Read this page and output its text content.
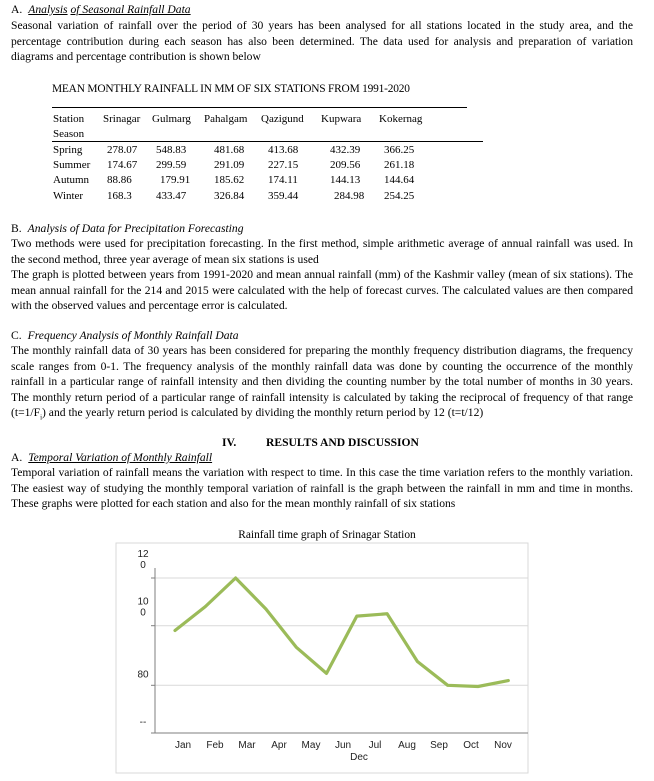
A. Analysis of Seasonal Rainfall Data

Seasonal variation of rainfall over the period of 30 years has been analysed for all stations located in the study area, and the percentage contribution during each season has also been determined. The data used for analysis and preparation of variation diagrams and percentage contribution is shown below

MEAN MONTHLY RAINFALL IN MM OF SIX STATIONS FROM 1991-2020
Station
Season
Srinagar Gulmarg Pahalgam Qazigund Kupwara Kokernag
Spring 278.07 548.83	481.68 413.68	432.39 366.25
Summer 174.67 299.59	291.09 227.15	209.56 261.18
Autumn 88.86	179.91 185.62 174.11	144.13 144.64
Winter 168.3 433.47	326.84 359.44	284.98 254.25
B. Analysis of Data for Precipitation Forecasting

Two methods were used for precipitation forecasting. In the first method, simple arithmetic average of annual rainfall was used. In the second method, three year average of mean six stations is used

The graph is plotted between years from 1991-2020 and mean annual rainfall (mm) of the Kashmir valley (mean of six stations). The mean annual rainfall for the 214 and 2015 were calculated with the help of forecast curves. The calculated values are then compared with the observed values and percentage error is calculated.

C. Frequency Analysis of Monthly Rainfall Data

The monthly rainfall data of 30 years has been considered for preparing the monthly frequency distribution diagrams, the frequency scale ranges from 0-1. The frequency analysis of the monthly rainfall data was done by counting the occurrence of the monthly rainfall in a particular range of rainfall intensity and then dividing the counting number by the total number of months in 30 years. The monthly return period of a particular range of rainfall intensity is calculated by taking the reciprocal of frequency of that range $(t=1/F_i)$ and the yearly return period is calculated by dividing the monthly return period by 12 (t=t/12)

IV.	RESULTS AND DISCUSSION
A. Temporal Variation of Monthly Rainfall

Temporal variation of rainfall means the variation with respect to time. In this case the time variation refers to the monthly variation. The easiest way of studying the monthly temporal variation of rainfall is the graph between the rainfall in mm and time in months. These graphs were plotted for each station and also for the mean monthly rainfall of six stations

Rainfall time graph of Srinagar Station
12 0
10 0
80
--
Jan Feb Mar Apr May Jun Jul Aug Sep Oct Nov
Dec
